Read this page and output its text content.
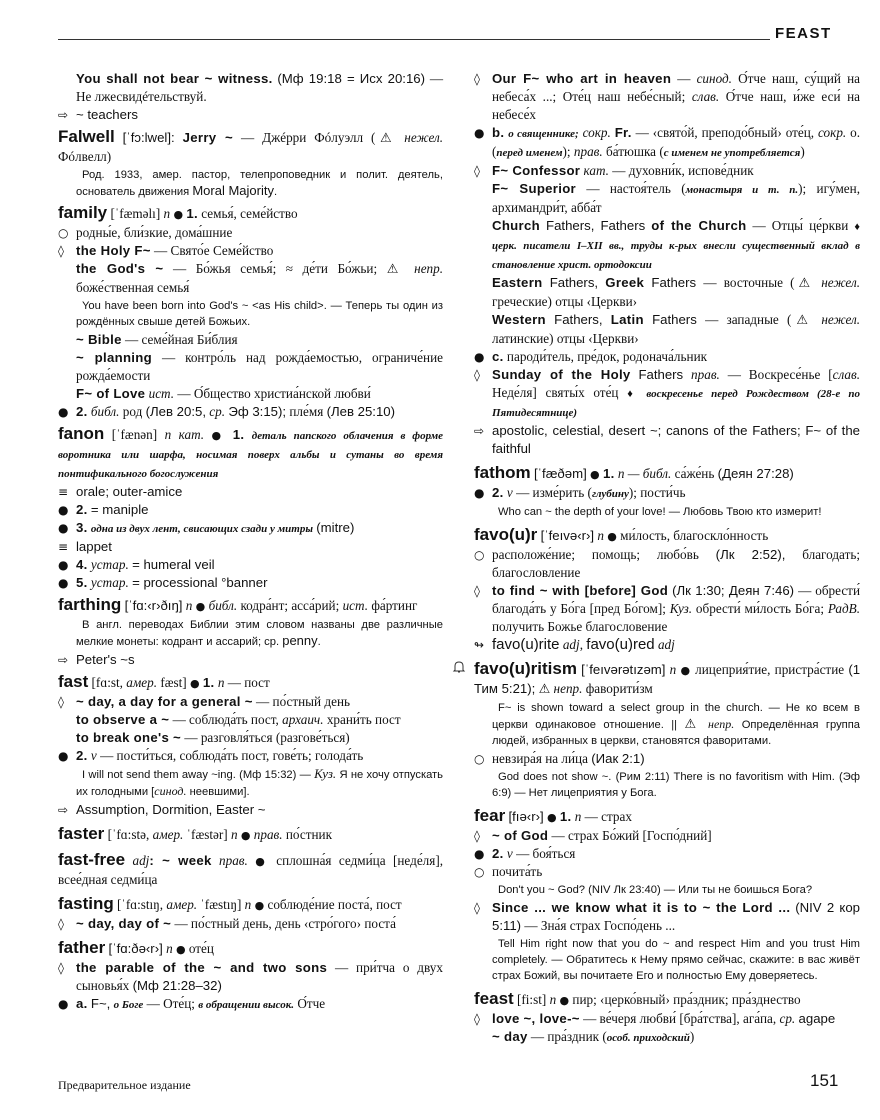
FEAST
You shall not bear ~ witness. (Мф 19:18 = Исх 20:16) — Не лжесвидéтельствуй.
⇨ ~ teachers
Falwell [ˈfɔ:lwel]: Jerry ~ — Джéрри Фóлуэлл (⚠ нежел. Фóлвелл)
Род. 1933, амер. пастор, телепроповедник и полит. деятель, основатель движения Moral Majority.
family [ˈfæməlı] n ● 1. семья́, семе́йство
○ родны́е, бли́зкие, дома́шние
◊ the Holy F~ — Свято́е Семе́йство
the God's ~ — Бо́жья семья́; ≈ де́ти Бо́жьи; ⚠ непр. боже́ственная семья́
You have been born into God's ~ <as His child>. — Теперь ты один из рождённых свыше детей Божьих.
~ Bible — семе́йная Би́блия
~ planning — контро́ль над рожда́емостью, ограниче́ние рожда́емости
F~ of Love ист. — О́бщество христиа́нской любви́
● 2. библ. род (Лев 20:5, ср. Эф 3:15); пле́мя (Лев 25:10)
fanon [ˈfænən] n кат. ● 1. деталь папского облачения в форме воротника или шарфа, носимая поверх альбы и сутаны во время понтификального богослужения
≡ orale; outer-amice
● 2. = maniple
● 3. одна из двух лент, свисающих сзади у митры (mitre)
≡ lappet
● 4. устар. = humeral veil
● 5. устар. = processional °banner
farthing [ˈfɑ:‹r›ðıŋ] n ● библ. кодра́нт; асса́рий; ист. фа́ртинг
В англ. переводах Библии этим словом названы две различные мелкие монеты: кодрант и ассарий; ср. penny.
⇨ Peter's ~s
fast [fɑ:st, амер. fæst] ● 1. n — пост
◊ ~ day, a day for a general ~ — по́стный день
to observe a ~ — соблюда́ть пост, архаич. храни́ть пост
to break one's ~ — разговля́ться (разгове́ться)
● 2. v — пости́ться, соблюда́ть пост, гове́ть; голода́ть
I will not send them away ~ing. (Мф 15:32) — Куз. Я не хочу отпускать их голодными [синод. неевшими].
⇨ Assumption, Dormition, Easter ~
faster [ˈfɑ:stə, амер. ˈfæstər] n ● прав. по́стник
fast-free adj: ~ week прав. ● сплошна́я седми́ца [неде́ля], всее́дная седми́ца
fasting [ˈfɑ:stıŋ, амер. ˈfæstıŋ] n ● соблюде́ние поста́, пост
◊ ~ day, day of ~ — по́стный день, день ‹стро́гого› поста́
father [ˈfɑ:ðə‹r›] n ● оте́ц
◊ the parable of the ~ and two sons — при́тча о двух сыновья́х (Мф 21:28–32)
● a. F~, о Боге — Оте́ц; в обращении высок. О́тче
◊ Our F~ who art in heaven — синод. О́тче наш, су́щий на небеса́х ...; Оте́ц наш небе́сный; слав. О́тче наш, и́же еси́ на небесе́х
● b. о священнике; сокр. Fr. — ‹свято́й, преподо́бный› оте́ц, сокр. о. (перед именем); прав. ба́тюшка (с именем не употребляется)
◊ F~ Confessor кат. — духовни́к, испове́дник
F~ Superior — настоя́тель (монастыря и т. п.); игу́мен, архимандри́т, абба́т
Church Fathers, Fathers of the Church — Отцы́ це́ркви ♦ церк. писатели I–XII вв., труды к-рых внесли существенный вклад в становление христ. ортодоксии
Eastern Fathers, Greek Fathers — восточные (⚠ нежел. греческие) отцы ‹Церкви›
Western Fathers, Latin Fathers — западные (⚠ нежел. латинские) отцы ‹Церкви›
● c. пароди́тель, пре́док, родонача́льник
◊ Sunday of the Holy Fathers прав. — Воскресе́нье [слав. Неде́ля] святы́х оте́ц ♦ воскресенье перед Рождеством (28-е по Пятидесятнице)
⇨ apostolic, celestial, desert ~; canons of the Fathers; F~ of the faithful
fathom [ˈfæðəm] ● 1. n — библ. са́же́нь (Деян 27:28)
● 2. v — изме́рить (глубину); пости́чь
Who can ~ the depth of your love! — Любовь Твою кто измерит!
favo(u)r [ˈfeıvə‹r›] n ● ми́лость, благоскло́нность
○ расположе́ние; помощь; любо́вь (Лк 2:52), благодать; благословление
◊ to find ~ with [before] God (Лк 1:30; Деян 7:46) — обрести́ благода́ть у Бо́га [пред Бо́гом]; Куз. обрести́ ми́лость Бо́га; РадВ. получить Божье благословение
↬ favo(u)rite adj, favo(u)red adj
favo(u)ritism [ˈfeıvərətızəm] n ● лицеприя́тие, пристра́стие (1 Тим 5:21); ⚠ непр. фаворити́зм
F~ is shown toward a select group in the church. — Не ко всем в церкви одинаковое отношение. || ⚠ непр. Определённая группа людей, избранных в церкви, становятся фаворитами.
○ невзира́я на ли́ца (Иак 2:1)
God does not show ~. (Рим 2:11) There is no favoritism with Him. (Эф 6:9) — Нет лицеприятия у Бога.
fear [fıə‹r›] ● 1. n — страх
◊ ~ of God — страх Бо́жий [Госпо́дний]
● 2. v — боя́ться
○ почита́ть
Don't you ~ God? (NIV Лк 23:40) — Или ты не боишься Бога?
◊ Since ... we know what it is to ~ the Lord ... (NIV 2 кор 5:11) — Зна́я страх Госпо́день ...
Tell Him right now that you do ~ and respect Him and you trust Him completely. — Обратитесь к Нему прямо сейчас, скажите: в вас живёт страх Божий, вы почитаете Его и полностью Ему доверяетесь.
feast [fi:st] n ● пир; ‹церко́вный› пра́здник; пра́зднество
◊ love ~, love-~ — ве́черя любви́ [бра́тства], ага́па, ср. agape
~ day — пра́здник (особ. приходский)
Предварительное издание	151
